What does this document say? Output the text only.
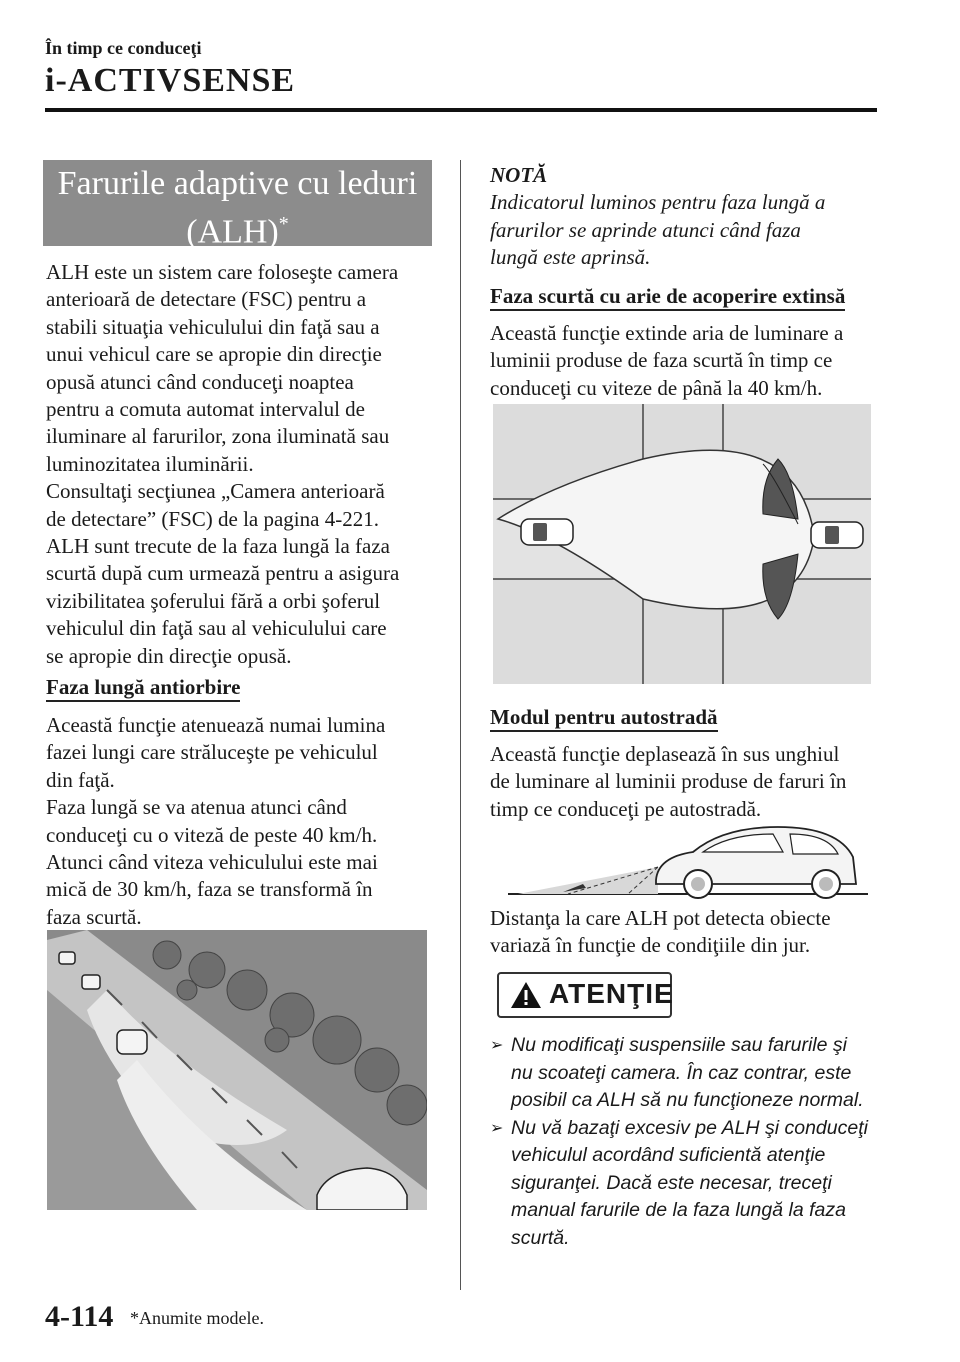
În timp ce conduceţi
i-ACTIVSENSE
Farurile adaptive cu leduri
(ALH)*
ALH este un sistem care foloseşte camera
anterioară de detectare (FSC) pentru a
stabili situaţia vehiculului din faţă sau a
unui vehicul care se apropie din direcţie
opusă atunci când conduceţi noaptea
pentru a comuta automat intervalul de
iluminare al farurilor, zona iluminată sau
luminozitatea iluminării.
Consultaţi secţiunea „Camera anterioară
de detectare” (FSC) de la pagina 4-221.
ALH sunt trecute de la faza lungă la faza
scurtă după cum urmează pentru a asigura
vizibilitatea şoferului fără a orbi şoferul
vehiculul din faţă sau al vehiculului care
se apropie din direcţie opusă.
Faza lungă antiorbire
Această funcţie atenuează numai lumina
fazei lungi care străluceşte pe vehiculul
din faţă.
Faza lungă se va atenua atunci când
conduceţi cu o viteză de peste 40 km/h.
Atunci când viteza vehiculului este mai
mică de 30 km/h, faza se transformă în
faza scurtă.
NOTĂ
Indicatorul luminos pentru faza lungă a
farurilor se aprinde atunci când faza
lungă este aprinsă.
Faza scurtă cu arie de acoperire extinsă
Această funcţie extinde aria de luminare a
luminii produse de faza scurtă în timp ce
conduceţi cu viteze de până la 40 km/h.
Modul pentru autostradă
Această funcţie deplasează în sus unghiul
de luminare al luminii produse de faruri în
timp ce conduceţi pe autostradă.
Distanţa la care ALH pot detecta obiecte
variază în funcţie de condiţiile din jur.
ATENŢIE
➢ Nu modificaţi suspensiile sau farurile şi
nu scoateţi camera. În caz contrar, este
posibil ca ALH să nu funcţioneze normal.
➢ Nu vă bazaţi excesiv pe ALH şi conduceţi
vehiculul acordând suficientă atenţie
siguranţei. Dacă este necesar, treceţi
manual farurile de la faza lungă la faza
scurtă.
4-114 *Anumite modele.
